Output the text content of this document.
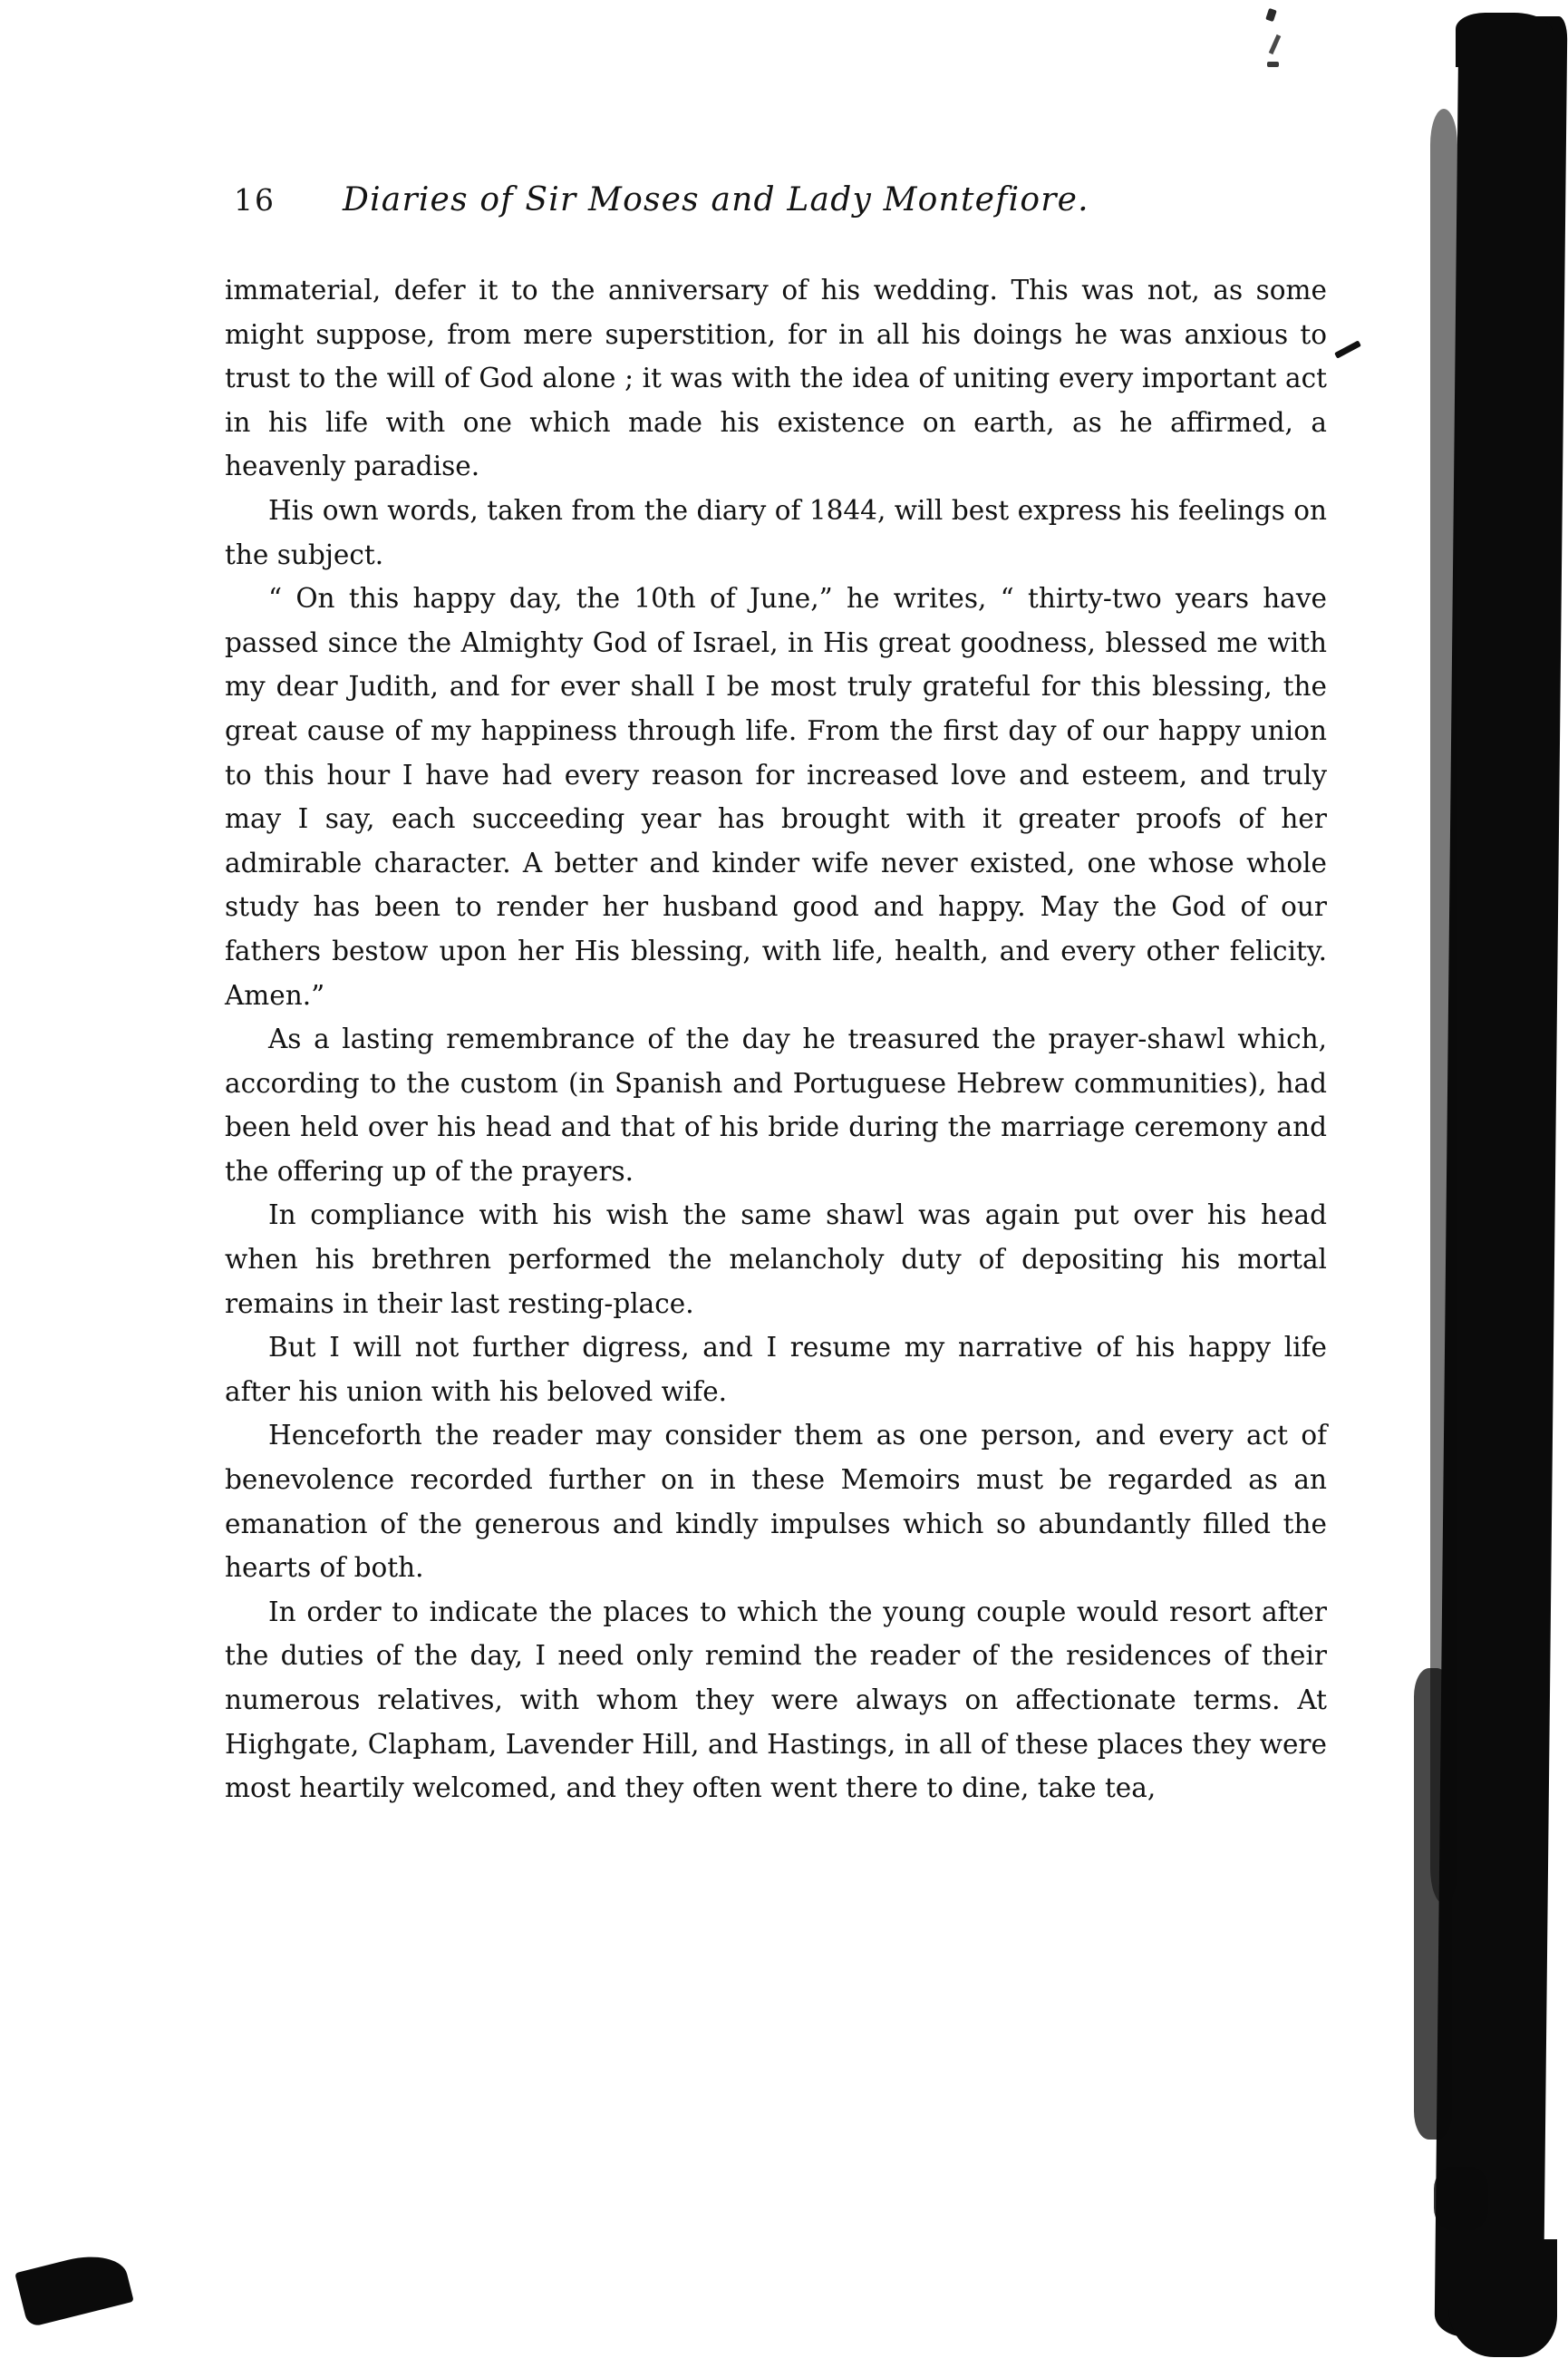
16 Diaries of Sir Moses and Lady Montefiore.

immaterial, defer it to the anniversary of his wedding. This was not, as some might suppose, from mere superstition, for in all his doings he was anxious to trust to the will of God alone ; it was with the idea of uniting every important act in his life with one which made his existence on earth, as he affirmed, a heavenly paradise.

His own words, taken from the diary of 1844, will best express his feelings on the subject.

“ On this happy day, the 10th of June,” he writes, “ thirty-two years have passed since the Almighty God of Israel, in His great goodness, blessed me with my dear Judith, and for ever shall I be most truly grateful for this blessing, the great cause of my happiness through life. From the first day of our happy union to this hour I have had every reason for increased love and esteem, and truly may I say, each succeeding year has brought with it greater proofs of her admirable character. A better and kinder wife never existed, one whose whole study has been to render her husband good and happy. May the God of our fathers bestow upon her His blessing, with life, health, and every other felicity. Amen.”

As a lasting remembrance of the day he treasured the prayer-shawl which, according to the custom (in Spanish and Portuguese Hebrew communities), had been held over his head and that of his bride during the marriage ceremony and the offering up of the prayers.

In compliance with his wish the same shawl was again put over his head when his brethren performed the melancholy duty of depositing his mortal remains in their last resting-place.

But I will not further digress, and I resume my narrative of his happy life after his union with his beloved wife.

Henceforth the reader may consider them as one person, and every act of benevolence recorded further on in these Memoirs must be regarded as an emanation of the generous and kindly impulses which so abundantly filled the hearts of both.

In order to indicate the places to which the young couple would resort after the duties of the day, I need only remind the reader of the residences of their numerous relatives, with whom they were always on affectionate terms. At Highgate, Clapham, Lavender Hill, and Hastings, in all of these places they were most heartily welcomed, and they often went there to dine, take tea,
